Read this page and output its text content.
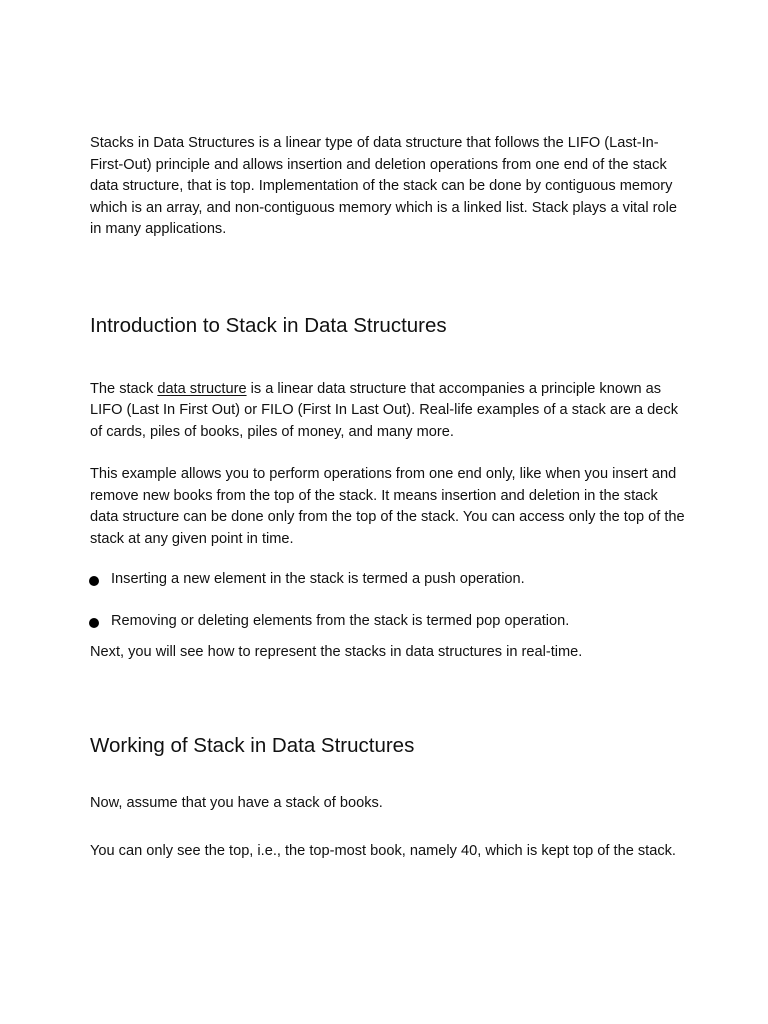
Stacks in Data Structures is a linear type of data structure that follows the LIFO (Last-In-First-Out) principle and allows insertion and deletion operations from one end of the stack data structure, that is top. Implementation of the stack can be done by contiguous memory which is an array, and non-contiguous memory which is a linked list. Stack plays a vital role in many applications.

Introduction to Stack in Data Structures

The stack data structure is a linear data structure that accompanies a principle known as LIFO (Last In First Out) or FILO (First In Last Out). Real-life examples of a stack are a deck of cards, piles of books, piles of money, and many more.

This example allows you to perform operations from one end only, like when you insert and remove new books from the top of the stack. It means insertion and deletion in the stack data structure can be done only from the top of the stack. You can access only the top of the stack at any given point in time.

Inserting a new element in the stack is termed a push operation.
Removing or deleting elements from the stack is termed pop operation.

Next, you will see how to represent the stacks in data structures in real-time.

Working of Stack in Data Structures

Now, assume that you have a stack of books.

You can only see the top, i.e., the top-most book, namely 40, which is kept top of the stack.
